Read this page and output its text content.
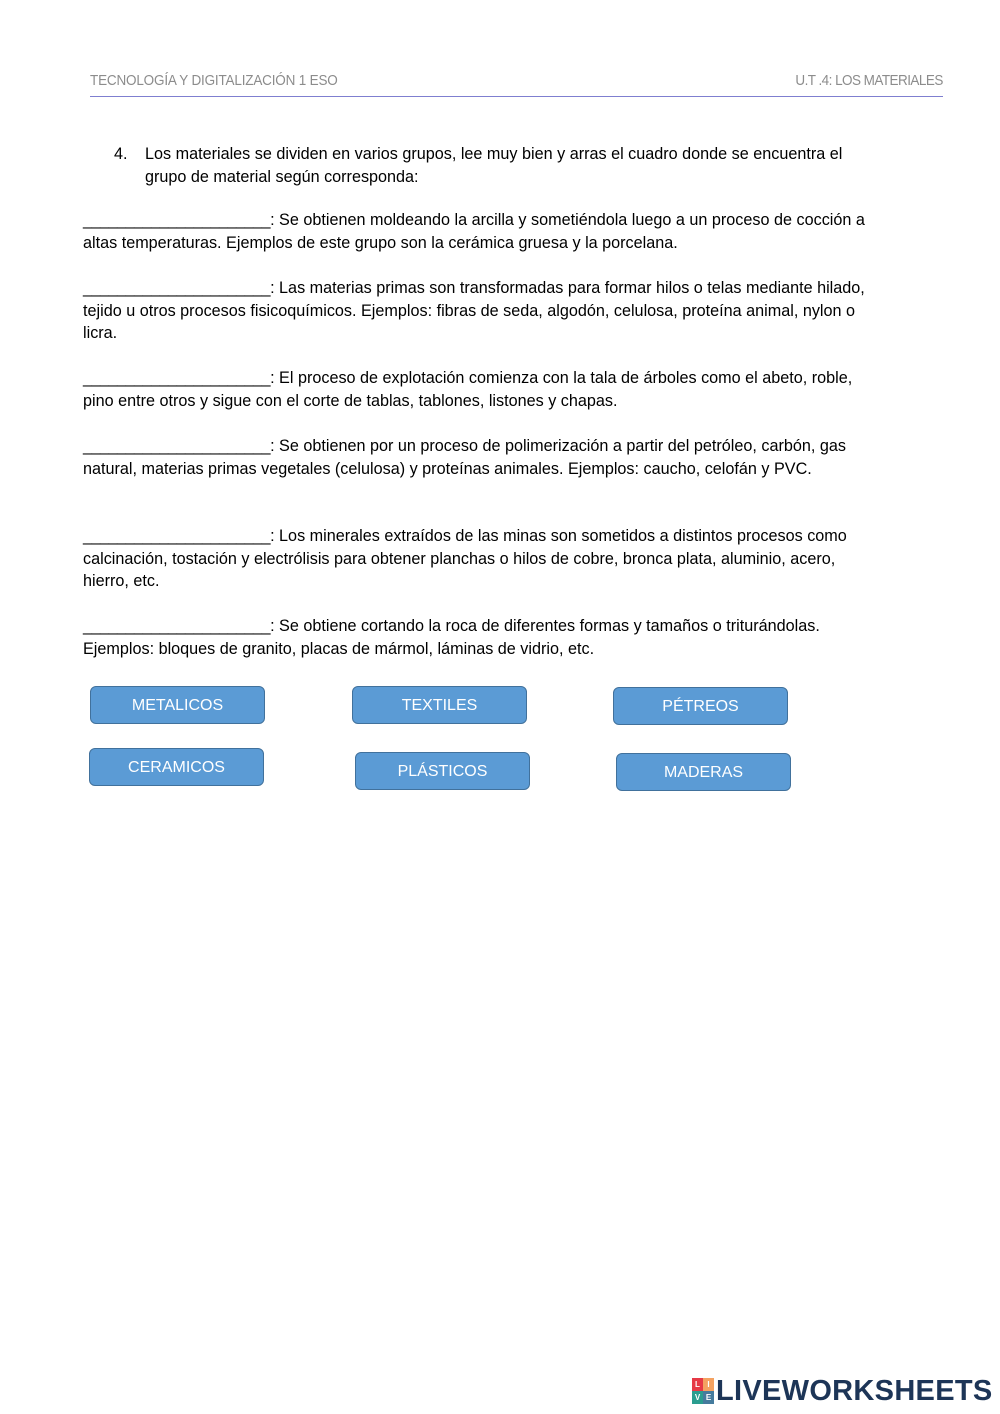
TECNOLOGÍA Y DIGITALIZACIÓN 1 ESO	U.T .4: LOS MATERIALES
4. Los materiales se dividen en varios grupos, lee muy bien y arras el cuadro donde se encuentra el grupo de material según corresponda:
______________________: Se obtienen moldeando la arcilla y sometiéndola luego a un proceso de cocción a altas temperaturas. Ejemplos de este grupo son la cerámica gruesa y la porcelana.
______________________: Las materias primas son transformadas para formar hilos o telas mediante hilado, tejido u otros procesos fisicoquímicos. Ejemplos: fibras de seda, algodón, celulosa, proteína animal, nylon o licra.
______________________: El proceso de explotación comienza con la tala de árboles como el abeto, roble, pino entre otros y sigue con el corte de tablas, tablones, listones y chapas.
______________________: Se obtienen por un proceso de polimerización a partir del petróleo, carbón, gas natural, materias primas vegetales (celulosa) y proteínas animales. Ejemplos: caucho, celofán y PVC.
______________________: Los minerales extraídos de las minas son sometidos a distintos procesos como calcinación, tostación y electrólisis para obtener planchas o hilos de cobre, bronca plata, aluminio, acero, hierro, etc.
______________________: Se obtiene cortando la roca de diferentes formas y tamaños o triturándolas. Ejemplos: bloques de granito, placas de mármol, láminas de vidrio, etc.
METALICOS	TEXTILES	PÉTREOS
CERAMICOS	PLÁSTICOS	MADERAS
L I
V E LIVEWORKSHEETS
